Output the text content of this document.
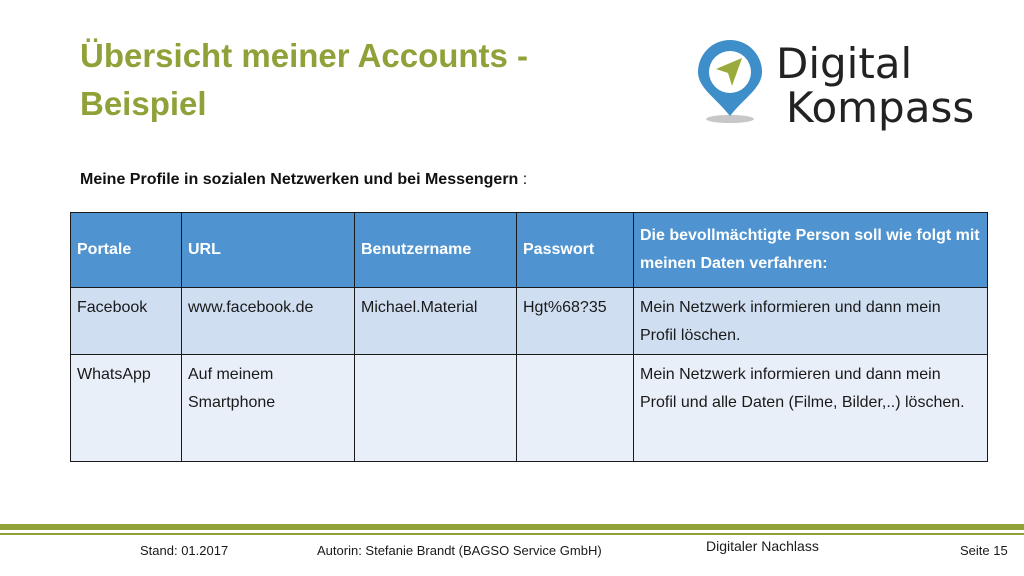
Übersicht meiner Accounts -
Beispiel
Digital
Kompass

Meine Profile in sozialen Netzwerken und bei Messengern :

Portale	URL	Benutzername	Passwort	Die bevollmächtigte Person soll wie folgt mit meinen Daten verfahren:
Facebook	www.facebook.de	Michael.Material	Hgt%68?35	Mein Netzwerk informieren und dann mein Profil löschen.
WhatsApp	Auf meinem Smartphone			Mein Netzwerk informieren und dann mein Profil und alle Daten (Filme, Bilder,..) löschen.
Stand: 01.2017	Autorin: Stefanie Brandt (BAGSO Service GmbH)	Digitaler Nachlass	Seite 15
